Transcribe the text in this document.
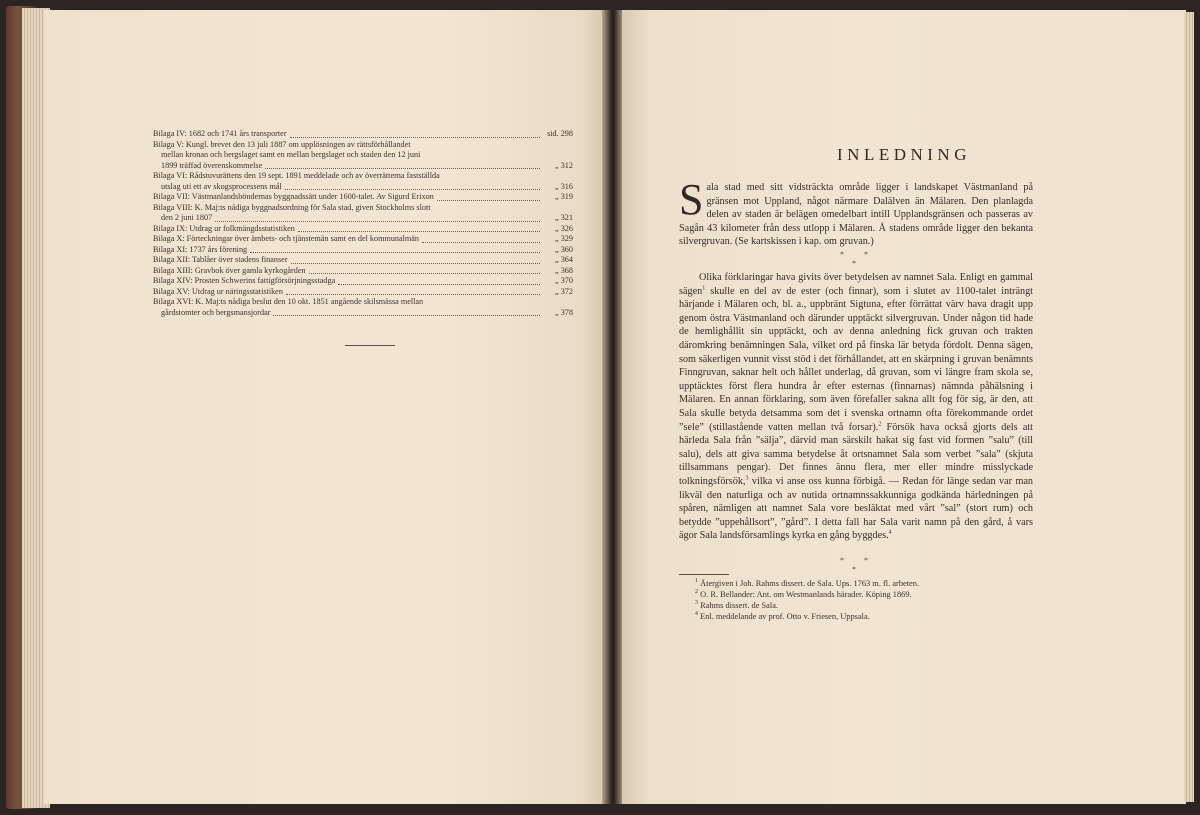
Bilaga IV: 1682 och 1741 års transporter	sid. 298
Bilaga V: Kungl. brevet den 13 juli 1887 om upplösningen av rättsförhållandet
mellan kronan och bergslaget samt en mellan bergslaget och staden den 12 juni
1899 träffad överenskommelse	„ 312
Bilaga VI: Rådstuvurättens den 19 sept. 1891 meddelade och av överrätterna fastställda
utslag uti ett av skogsprocessens mål	„ 316
Bilaga VII: Västmanlandsböndernas byggnadssätt under 1600-talet. Av Sigurd Erixon	„ 319
Bilaga VIII: K. Maj:ts nådiga byggnadsordning för Sala stad, given Stockholms slott
den 2 juni 1807	„ 321
Bilaga IX: Utdrag ur folkmängdsstatistiken	„ 326
Bilaga X: Förteckningar över ämbets- och tjänstemän samt en del kommunalmän	„ 329
Bilaga XI: 1737 års förening	„ 360
Bilaga XII: Tablåer över stadens finanser	„ 364
Bilaga XIII: Gravbok över gamla kyrkogården	„ 368
Bilaga XIV: Prosten Schwerins fattigförsörjningsstadga	„ 370
Bilaga XV: Utdrag ur näringsstatistiken	„ 372
Bilaga XVI: K. Maj:ts nådiga beslut den 10 okt. 1851 angående skilsmässa mellan
gårdstomter och bergsmansjordar	„ 378
INLEDNING
Sala stad med sitt vidsträckta område ligger i landskapet Västmanland på gränsen mot Uppland, något närmare Dalälven än Mälaren. Den planlagda delen av staden är belägen omedelbart intill Upplandsgränsen och passeras av Sagån 43 kilometer från dess utlopp i Mälaren. Å stadens område ligger den bekanta silvergruvan. (Se kartskissen i kap. om gruvan.)
*	*
*
Olika förklaringar hava givits över betydelsen av namnet Sala. Enligt en gammal sägen$^1$ skulle en del av de ester (och finnar), som i slutet av 1100-talet inträngt härjande i Mälaren och, bl. a., uppbränt Sigtuna, efter förrättat värv hava dragit upp genom östra Västmanland och därunder upptäckt silvergruvan. Under någon tid hade de hemlighållit sin upptäckt, och av denna anledning fick gruvan och trakten däromkring benämningen Sala, vilket ord på finska lär betyda fördolt. Denna sägen, som säkerligen vunnit visst stöd i det förhållandet, att en skärpning i gruvan benämnts Finngruvan, saknar helt och hållet underlag, då gruvan, som vi längre fram skola se, upptäcktes först flera hundra år efter esternas (finnarnas) nämnda påhälsning i Mälaren. En annan förklaring, som även förefaller sakna allt fog för sig, är den, att Sala skulle betyda detsamma som det i svenska ortnamn ofta förekommande ordet ”sele” (stillastående vatten mellan två forsar).$^2$ Försök hava också gjorts dels att härleda Sala från ”sälja”, därvid man särskilt hakat sig fast vid formen ”salu” (till salu), dels att giva samma betydelse åt ortsnamnet Sala som verbet ”sala” (skjuta tillsammans pengar). Det finnes ännu flera, mer eller mindre misslyckade tolkningsförsök,$^3$ vilka vi anse oss kunna förbigå. — Redan för länge sedan var man likväl den naturliga och av nutida ortnamnssakkunniga godkända härledningen på spåren, nämligen att namnet Sala vore besläktat med vårt ”sal” (stort rum) och betydde ”uppehållsort”, ”gård”. I detta fall har Sala varit namn på den gård, å vars ägor Sala landsförsamlings kyrka en gång byggdes.$^4$
*	*
*
$^1$ Återgiven i Joh. Rahms dissert. de Sala. Ups. 1763 m. fl. arbeten.
$^2$ O. R. Bellander: Ant. om Westmanlands härader. Köping 1869.
$^3$ Rahms dissert. de Sala.
$^4$ Enl. meddelande av prof. Otto v. Friesen, Uppsala.
